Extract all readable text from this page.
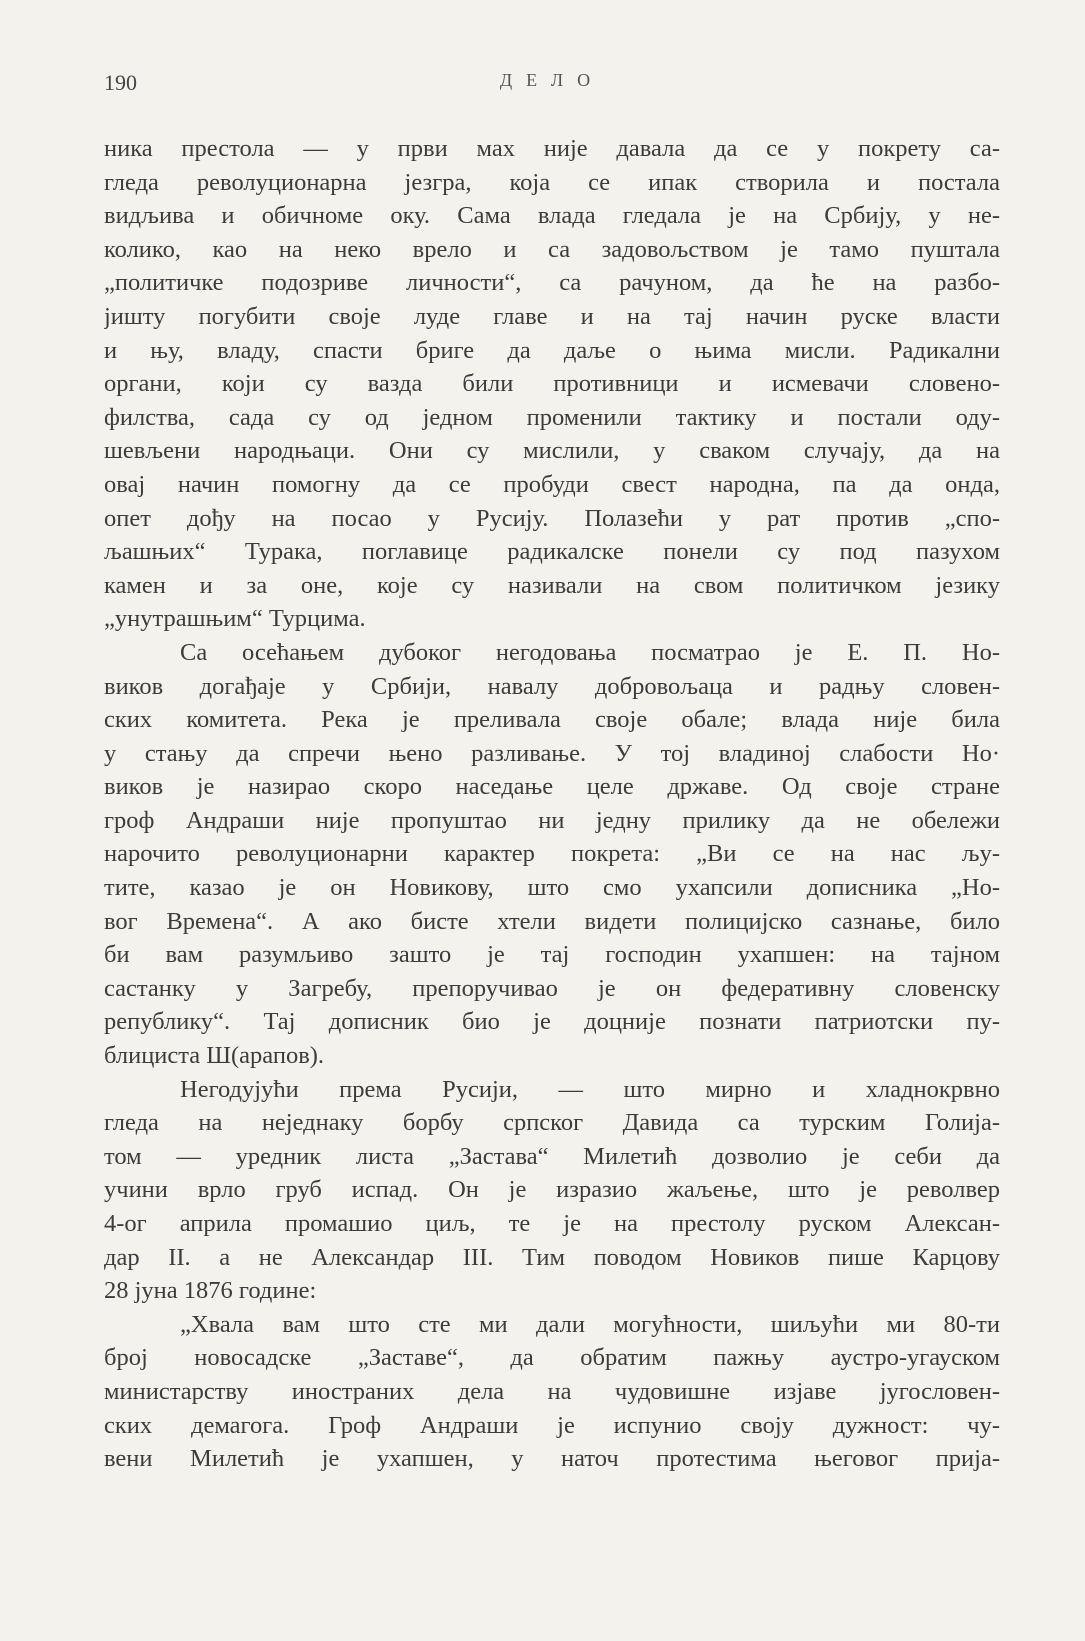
190	ДЕЛО
ника престола — у први мах није давала да се у покрету са-
гледа револуционарна језгра, која се ипак створила и постала
видљива и обичноме оку. Сама влада гледала је на Србију, у не-
колико, као на неко врело и са задовољством је тамо пуштала
„политичке подозриве личности“, са рачуном, да ће на разбо-
јишту погубити своје луде главе и на тај начин руске власти
и њу, владу, спасти бриге да даље о њима мисли. Радикални
органи, који су вазда били противници и исмевачи словено-
филства, сада су од једном променили тактику и постали оду-
шевљени народњаци. Они су мислили, у сваком случају, да на
овај начин помогну да се пробуди свест народна, па да онда,
опет дођу на посао у Русију. Полазећи у рат против „спо-
љашњих“ Турака, поглавице радикалске понели су под пазухом
камен и за оне, које су називали на свом политичком језику
„унутрашњим“ Турцима.
Са осећањем дубоког негодовања посматрао је Е. П. Но-
виков догађаје у Србији, навалу добровољаца и радњу словен-
ских комитета. Река је преливала своје обале; влада није била
у стању да спречи њено разливање. У тој владиној слабости Но·
виков је назирао скоро наседање целе државе. Од своје стране
гроф Андраши није пропуштао ни једну прилику да не обележи
нарочито револуционарни карактер покрета: „Ви се на нас љу-
тите, казао је он Новикову, што смо ухапсили дописника „Но-
вог Времена“. А ако бисте хтели видети полицијско сазнање, било
би вам разумљиво зашто је тај господин ухапшен: на тајном
састанку у Загребу, препоручивао је он федеративну словенску
републику“. Тај дописник био је доцније познати патриотски пу-
блициста Ш(арапов).
Негодујући према Русији, — што мирно и хладнокрвно
гледа на неједнаку борбу српског Давида са турским Голија-
том — уредник листа „Застава“ Милетић дозволио је себи да
учини врло груб испад. Он је изразио жаљење, што је револвер
4-ог априла промашио циљ, те је на престолу руском Алексан-
дар II. а не Александар III. Тим поводом Новиков пише Карцову
28 јуна 1876 године:
„Хвала вам што сте ми дали могућности, шиљући ми 80-ти
број новосадске „Заставе“, да обратим пажњу аустро-угауском
министарству иностраних дела на чудовишне изјаве југословен-
ских демагога. Гроф Андраши је испунио своју дужност: чу-
вени Милетић је ухапшен, у наточ протестима његовог прија-
